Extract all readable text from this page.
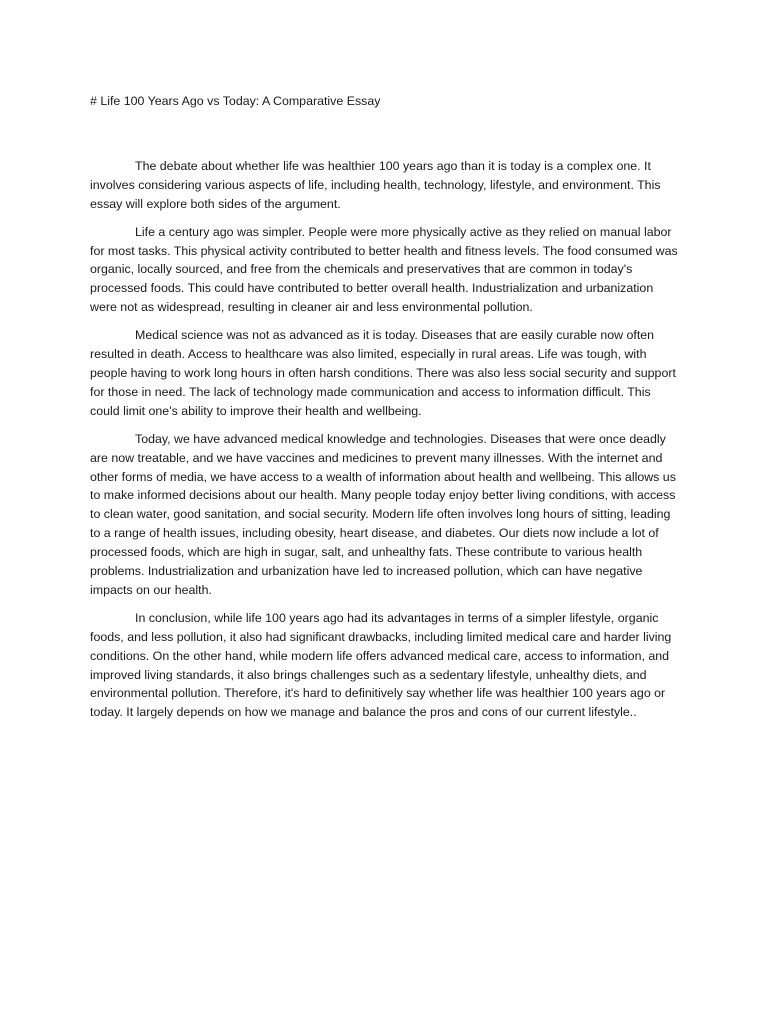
# Life 100 Years Ago vs Today: A Comparative Essay

The debate about whether life was healthier 100 years ago than it is today is a complex one. It involves considering various aspects of life, including health, technology, lifestyle, and environment. This essay will explore both sides of the argument.

Life a century ago was simpler. People were more physically active as they relied on manual labor for most tasks. This physical activity contributed to better health and fitness levels. The food consumed was organic, locally sourced, and free from the chemicals and preservatives that are common in today's processed foods. This could have contributed to better overall health. Industrialization and urbanization were not as widespread, resulting in cleaner air and less environmental pollution.

Medical science was not as advanced as it is today. Diseases that are easily curable now often resulted in death. Access to healthcare was also limited, especially in rural areas. Life was tough, with people having to work long hours in often harsh conditions. There was also less social security and support for those in need. The lack of technology made communication and access to information difficult. This could limit one's ability to improve their health and wellbeing.

Today, we have advanced medical knowledge and technologies. Diseases that were once deadly are now treatable, and we have vaccines and medicines to prevent many illnesses. With the internet and other forms of media, we have access to a wealth of information about health and wellbeing. This allows us to make informed decisions about our health. Many people today enjoy better living conditions, with access to clean water, good sanitation, and social security. Modern life often involves long hours of sitting, leading to a range of health issues, including obesity, heart disease, and diabetes. Our diets now include a lot of processed foods, which are high in sugar, salt, and unhealthy fats. These contribute to various health problems. Industrialization and urbanization have led to increased pollution, which can have negative impacts on our health.

In conclusion, while life 100 years ago had its advantages in terms of a simpler lifestyle, organic foods, and less pollution, it also had significant drawbacks, including limited medical care and harder living conditions. On the other hand, while modern life offers advanced medical care, access to information, and improved living standards, it also brings challenges such as a sedentary lifestyle, unhealthy diets, and environmental pollution. Therefore, it's hard to definitively say whether life was healthier 100 years ago or today. It largely depends on how we manage and balance the pros and cons of our current lifestyle..
